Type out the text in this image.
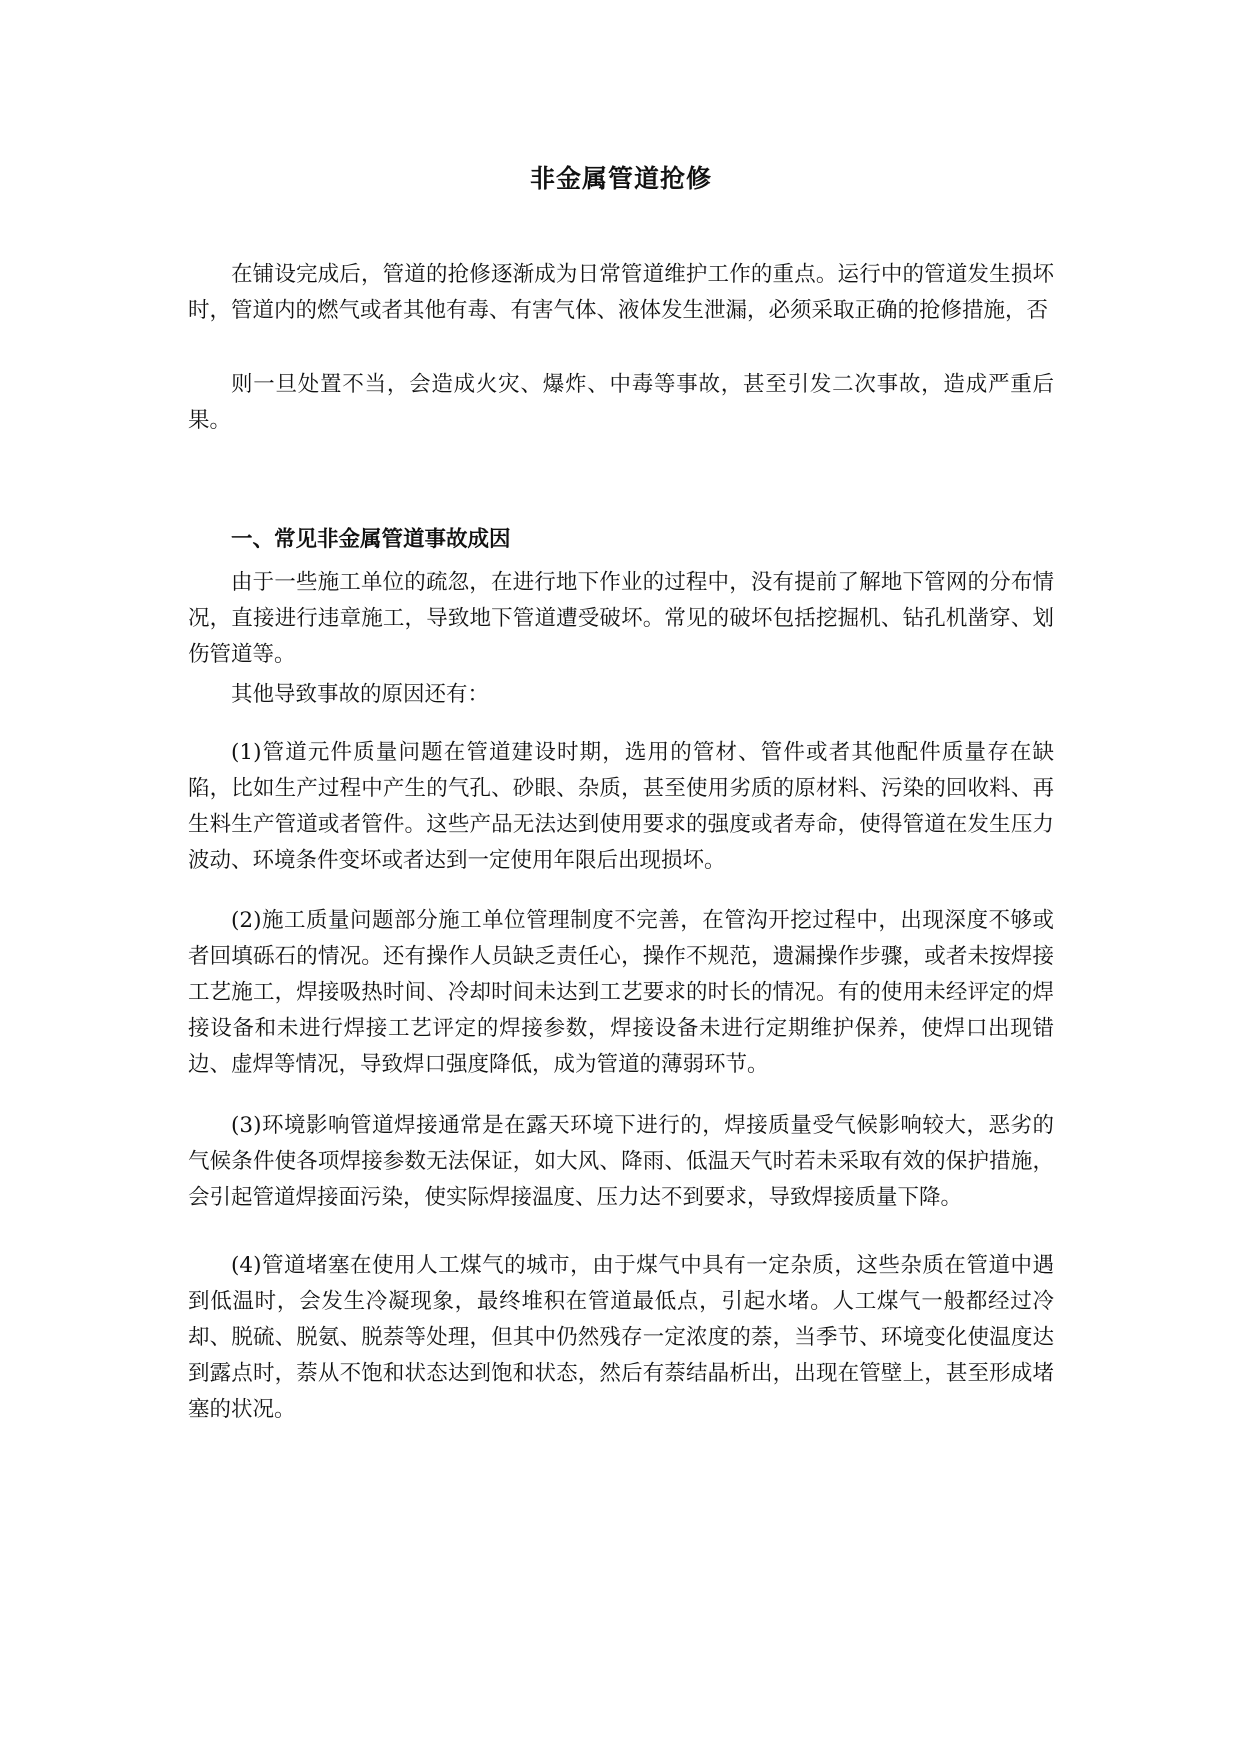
非金属管道抢修

在铺设完成后，管道的抢修逐渐成为日常管道维护工作的重点。运行中的管道发生损坏时，管道内的燃气或者其他有毒、有害气体、液体发生泄漏，必须采取正确的抢修措施，否

则一旦处置不当，会造成火灾、爆炸、中毒等事故，甚至引发二次事故，造成严重后果。

一、常见非金属管道事故成因

由于一些施工单位的疏忽，在进行地下作业的过程中，没有提前了解地下管网的分布情况，直接进行违章施工，导致地下管道遭受破坏。常见的破坏包括挖掘机、钻孔机凿穿、划伤管道等。

其他导致事故的原因还有：

(1)管道元件质量问题在管道建设时期，选用的管材、管件或者其他配件质量存在缺陷，比如生产过程中产生的气孔、砂眼、杂质，甚至使用劣质的原材料、污染的回收料、再生料生产管道或者管件。这些产品无法达到使用要求的强度或者寿命，使得管道在发生压力波动、环境条件变坏或者达到一定使用年限后出现损坏。

(2)施工质量问题部分施工单位管理制度不完善，在管沟开挖过程中，出现深度不够或者回填砾石的情况。还有操作人员缺乏责任心，操作不规范，遗漏操作步骤，或者未按焊接工艺施工，焊接吸热时间、冷却时间未达到工艺要求的时长的情况。有的使用未经评定的焊接设备和未进行焊接工艺评定的焊接参数，焊接设备未进行定期维护保养，使焊口出现错边、虚焊等情况，导致焊口强度降低，成为管道的薄弱环节。

(3)环境影响管道焊接通常是在露天环境下进行的，焊接质量受气候影响较大，恶劣的气候条件使各项焊接参数无法保证，如大风、降雨、低温天气时若未采取有效的保护措施，会引起管道焊接面污染，使实际焊接温度、压力达不到要求，导致焊接质量下降。

(4)管道堵塞在使用人工煤气的城市，由于煤气中具有一定杂质，这些杂质在管道中遇到低温时，会发生冷凝现象，最终堆积在管道最低点，引起水堵。人工煤气一般都经过冷却、脱硫、脱氨、脱萘等处理，但其中仍然残存一定浓度的萘，当季节、环境变化使温度达到露点时，萘从不饱和状态达到饱和状态，然后有萘结晶析出，出现在管壁上，甚至形成堵塞的状况。
